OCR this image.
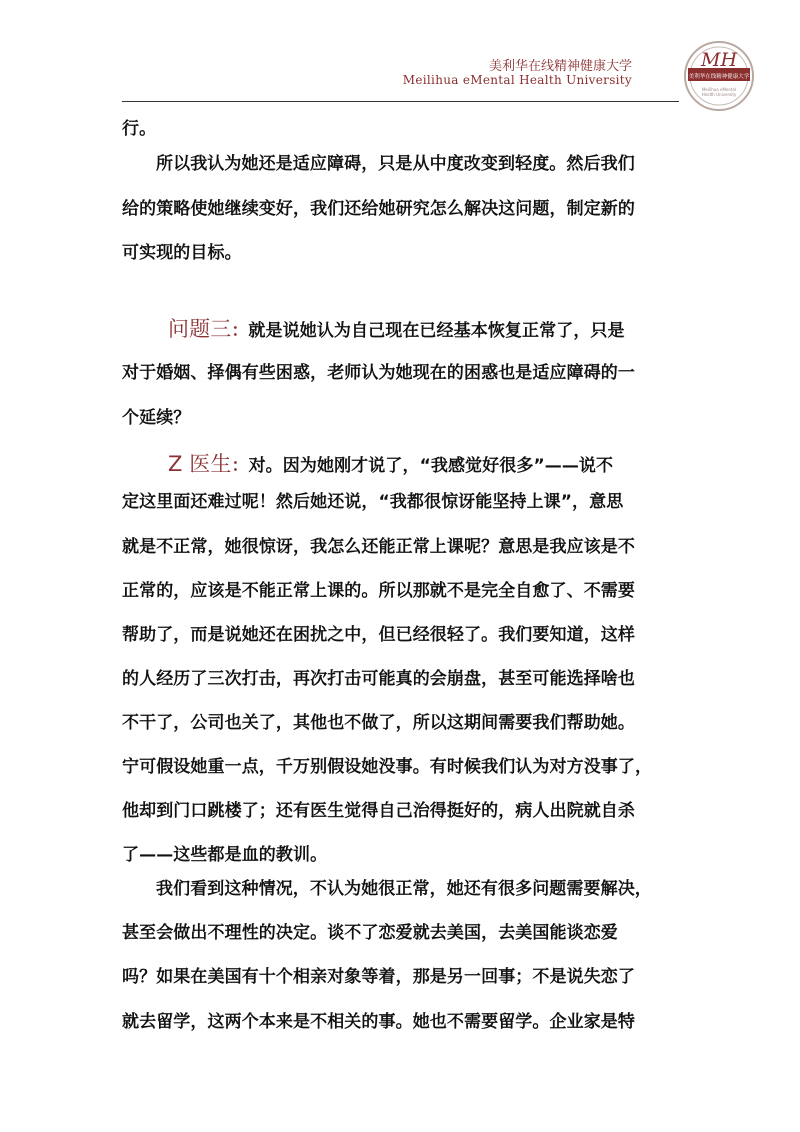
美利华在线精神健康大学
Meilihua eMental Health University
MH
美利华在线精神健康大学
Meilihua eMental
Health University
行。
所以我认为她还是适应障碍，只是从中度改变到轻度。然后我们
给的策略使她继续变好，我们还给她研究怎么解决这问题，制定新的
可实现的目标。
问题三：就是说她认为自己现在已经基本恢复正常了，只是
对于婚姻、择偶有些困惑，老师认为她现在的困惑也是适应障碍的一
个延续？
Z 医生：对。因为她刚才说了，“我感觉好很多”——说不
定这里面还难过呢！然后她还说，“我都很惊讶能坚持上课”，意思
就是不正常，她很惊讶，我怎么还能正常上课呢？意思是我应该是不
正常的，应该是不能正常上课的。所以那就不是完全自愈了、不需要
帮助了，而是说她还在困扰之中，但已经很轻了。我们要知道，这样
的人经历了三次打击，再次打击可能真的会崩盘，甚至可能选择啥也
不干了，公司也关了，其他也不做了，所以这期间需要我们帮助她。
宁可假设她重一点，千万别假设她没事。有时候我们认为对方没事了，
他却到门口跳楼了；还有医生觉得自己治得挺好的，病人出院就自杀
了——这些都是血的教训。
我们看到这种情况，不认为她很正常，她还有很多问题需要解决，
甚至会做出不理性的决定。谈不了恋爱就去美国，去美国能谈恋爱
吗？如果在美国有十个相亲对象等着，那是另一回事；不是说失恋了
就去留学，这两个本来是不相关的事。她也不需要留学。企业家是特
